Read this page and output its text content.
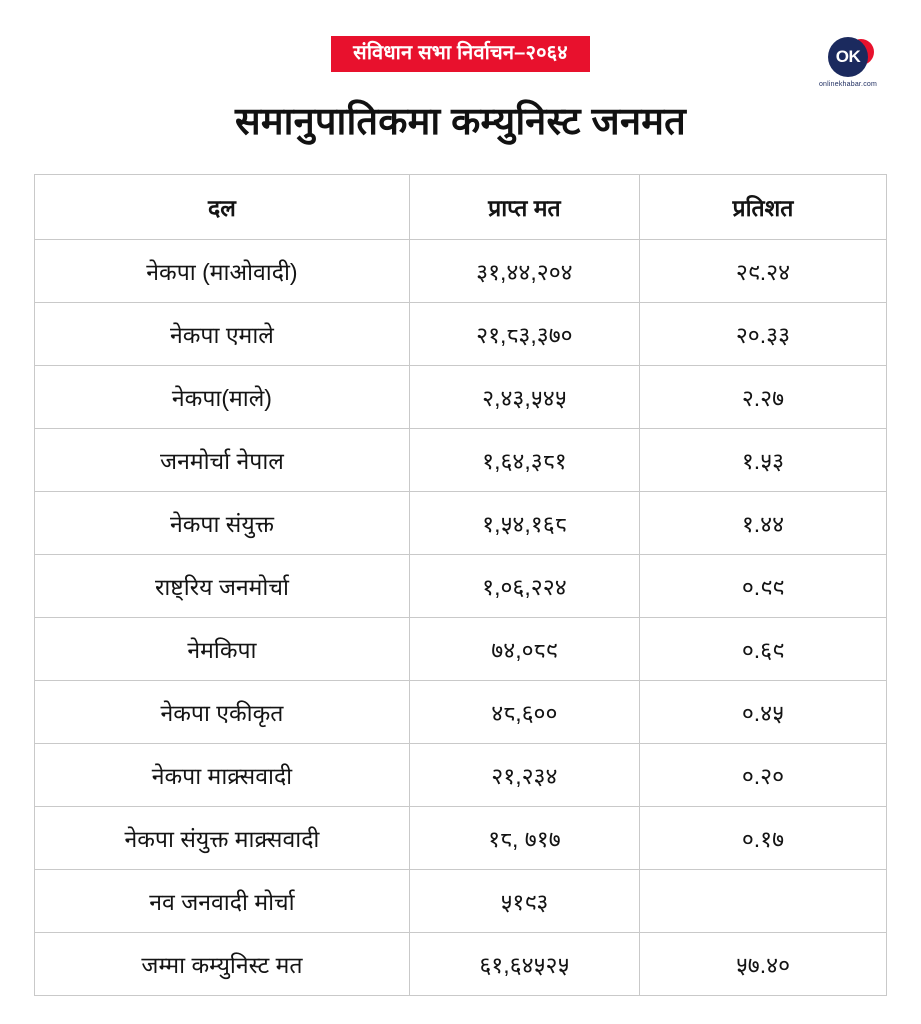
संविधान सभा निर्वाचन–२०६४	OK
onlinekhabar.com
समानुपातिकमा कम्युनिस्ट जनमत
दल	प्राप्त मत	प्रतिशत
नेकपा (माओवादी)	३१,४४,२०४	२९.२४
नेकपा एमाले	२१,८३,३७०	२०.३३
नेकपा(माले)	२,४३,५४५	२.२७
जनमोर्चा नेपाल	१,६४,३८१	१.५३
नेकपा संयुक्त	१,५४,१६८	१.४४
राष्ट्रिय जनमोर्चा	१,०६,२२४	०.९९
नेमकिपा	७४,०८९	०.६९
नेकपा एकीकृत	४८,६००	०.४५
नेकपा माक्र्सवादी	२१,२३४	०.२०
नेकपा संयुक्त माक्र्सवादी	१८, ७१७	०.१७
नव जनवादी मोर्चा	५१९३	
जम्मा कम्युनिस्ट मत	६१,६४५२५	५७.४०
